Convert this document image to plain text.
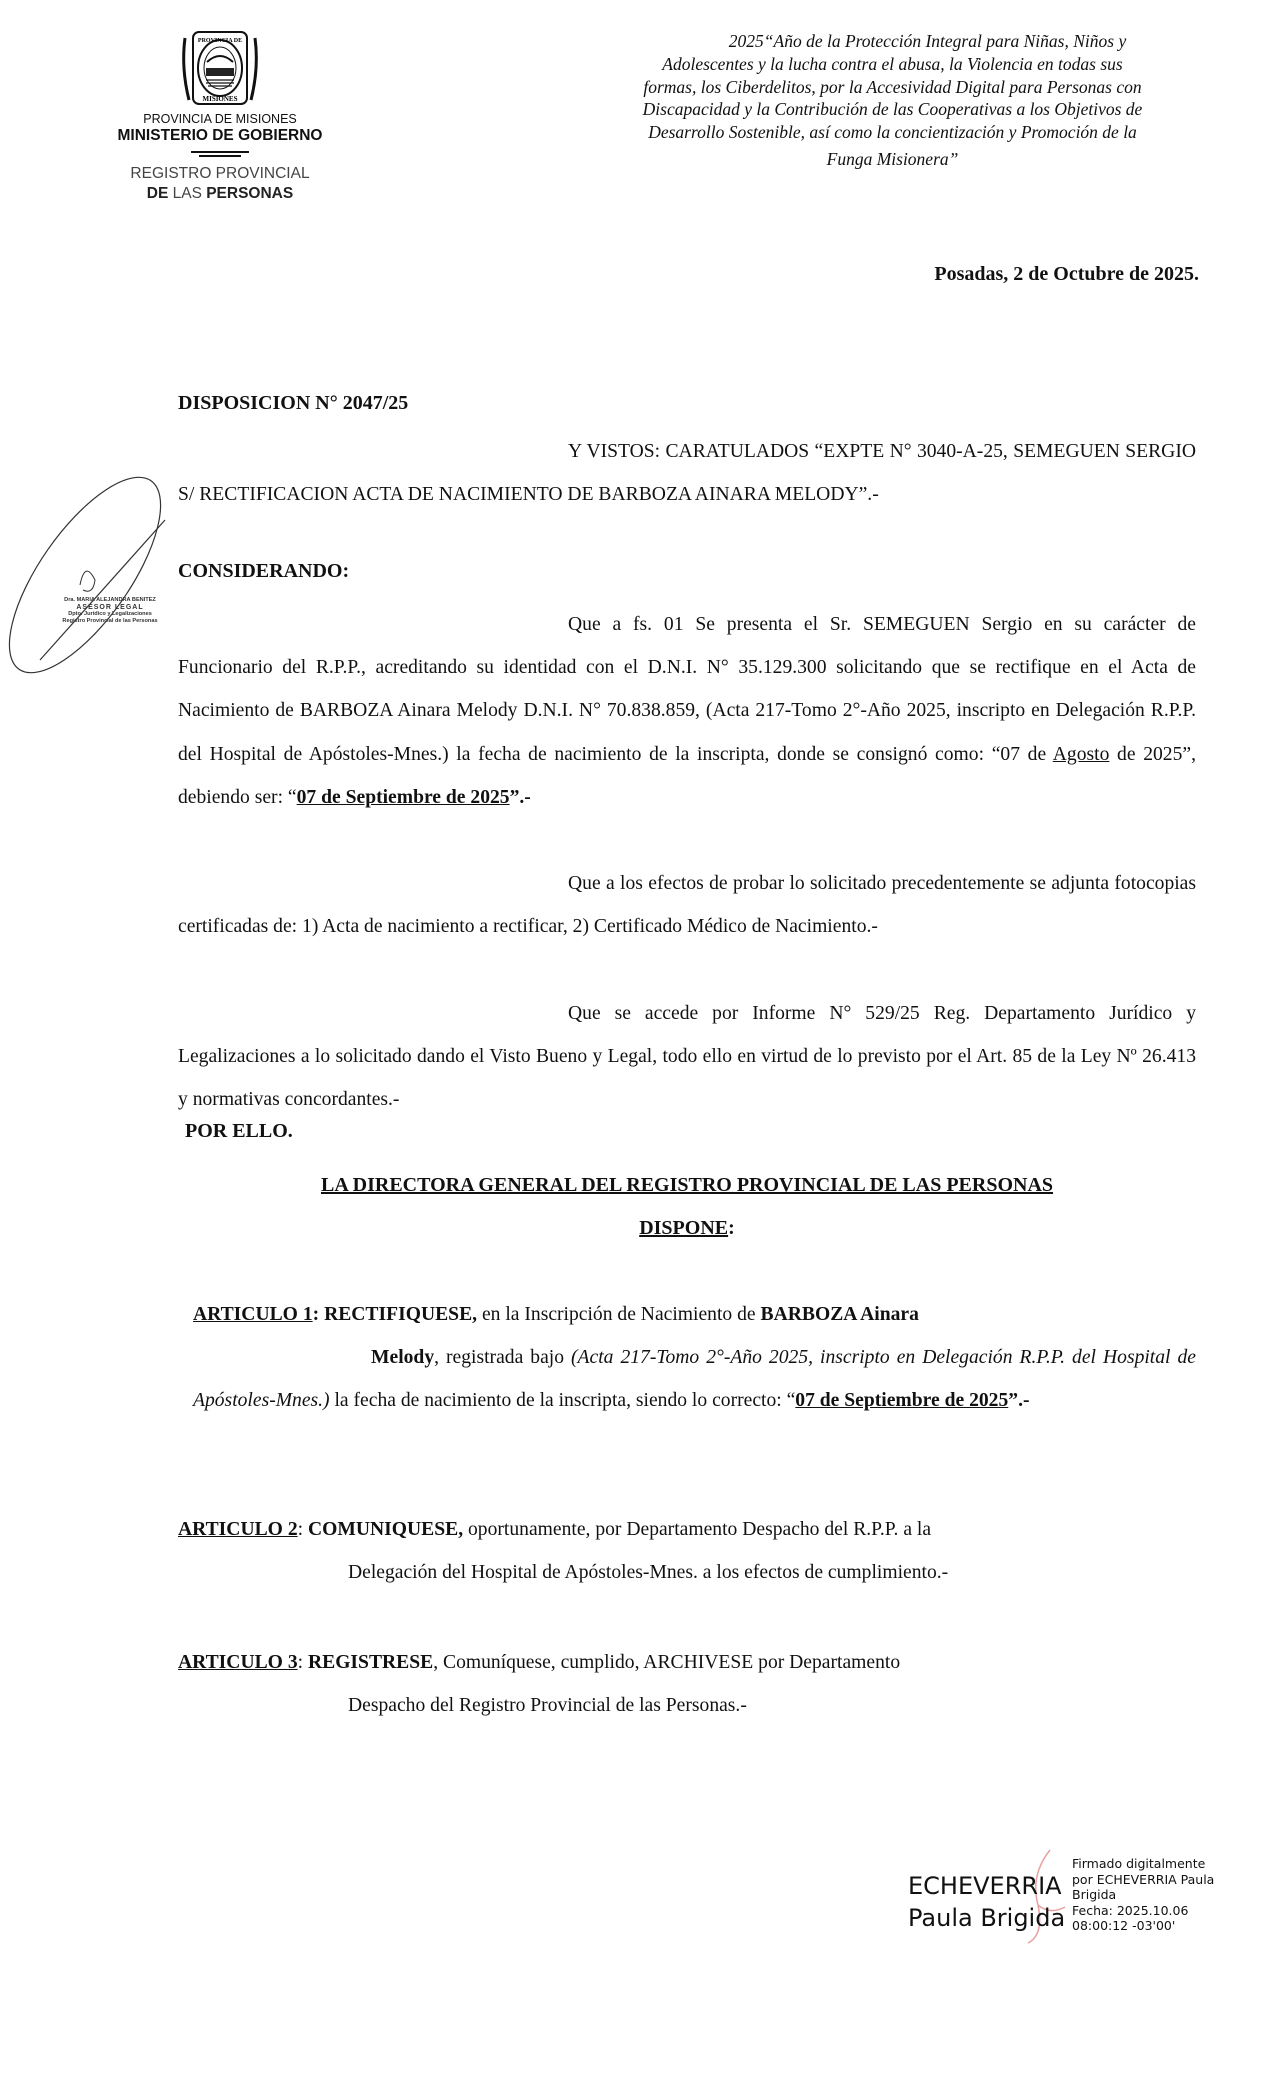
PROVINCIA DE
MISIONES
PROVINCIA DE MISIONES
MINISTERIO DE GOBIERNO
REGISTRO PROVINCIAL
DE LAS PERSONAS
2025“Año de la Protección Integral para Niñas, Niños y
Adolescentes y la lucha contra el abusa, la Violencia en todas sus
formas, los Ciberdelitos, por la Accesividad Digital para Personas con
Discapacidad y la Contribución de las Cooperativas a los Objetivos de
Desarrollo Sostenible, así como la concientización y Promoción de la
Funga Misionera”
Posadas, 2 de Octubre de 2025.
DISPOSICION N° 2047/25

Y VISTOS: CARATULADOS “EXPTE N° 3040-A-25, SEMEGUEN SERGIO S/ RECTIFICACION ACTA DE NACIMIENTO DE BARBOZA AINARA MELODY”.-

CONSIDERANDO:

Que a fs. 01 Se presenta el Sr. SEMEGUEN Sergio en su carácter de Funcionario del R.P.P., acreditando su identidad con el D.N.I. N° 35.129.300 solicitando que se rectifique en el Acta de Nacimiento de BARBOZA Ainara Melody D.N.I. N° 70.838.859, (Acta 217-Tomo 2°-Año 2025, inscripto en Delegación R.P.P. del Hospital de Apóstoles-Mnes.) la fecha de nacimiento de la inscripta, donde se consignó como: “07 de Agosto de 2025”, debiendo ser: “07 de Septiembre de 2025”.-

Que a los efectos de probar lo solicitado precedentemente se adjunta fotocopias certificadas de: 1) Acta de nacimiento a rectificar, 2) Certificado Médico de Nacimiento.-

Que se accede por Informe N° 529/25 Reg. Departamento Jurídico y Legalizaciones a lo solicitado dando el Visto Bueno y Legal, todo ello en virtud de lo previsto por el Art. 85 de la Ley Nº 26.413 y normativas concordantes.-

POR ELLO.
LA DIRECTORA GENERAL DEL REGISTRO PROVINCIAL DE LAS PERSONAS
DISPONE:
ARTICULO 1: RECTIFIQUESE, en la Inscripción de Nacimiento de BARBOZA Ainara
Melody, registrada bajo (Acta 217-Tomo 2°-Año 2025, inscripto en Delegación R.P.P. del Hospital de Apóstoles-Mnes.) la fecha de nacimiento de la inscripta, siendo lo correcto: “07 de Septiembre de 2025”.-
ARTICULO 2: COMUNIQUESE, oportunamente, por Departamento Despacho del R.P.P. a la
Delegación del Hospital de Apóstoles-Mnes. a los efectos de cumplimiento.-
ARTICULO 3: REGISTRESE, Comuníquese, cumplido, ARCHIVESE por Departamento
Despacho del Registro Provincial de las Personas.-
Dra. MARIA ALEJANDRA BENITEZ
ASESOR LEGAL
Dpto. Jurídico y Legalizaciones
Registro Provincial de las Personas
ECHEVERRIA
Paula Brigida
Firmado digitalmente
por ECHEVERRIA Paula
Brigida
Fecha: 2025.10.06
08:00:12 -03'00'
